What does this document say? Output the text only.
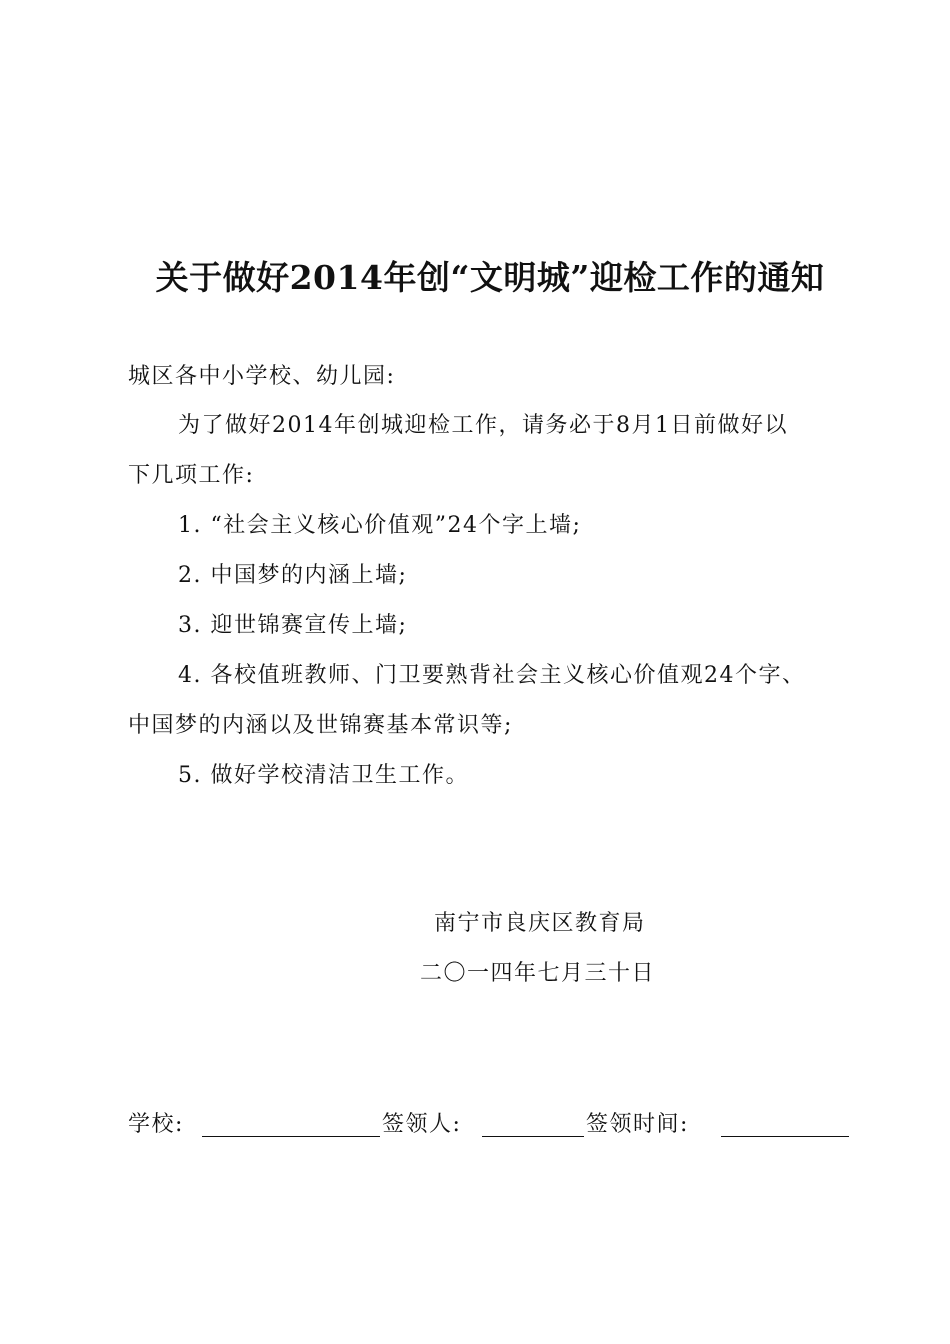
关于做好2014年创“文明城”迎检工作的通知
城区各中小学校、幼儿园:
为了做好2014年创城迎检工作，请务必于8月1日前做好以
下几项工作:
1. “社会主义核心价值观”24个字上墙;
2. 中国梦的内涵上墙;
3. 迎世锦赛宣传上墙;
4. 各校值班教师、门卫要熟背社会主义核心价值观24个字、
中国梦的内涵以及世锦赛基本常识等;
5. 做好学校清洁卫生工作。
南宁市良庆区教育局
二〇一四年七月三十日
学校:	签领人:	签领时间:
